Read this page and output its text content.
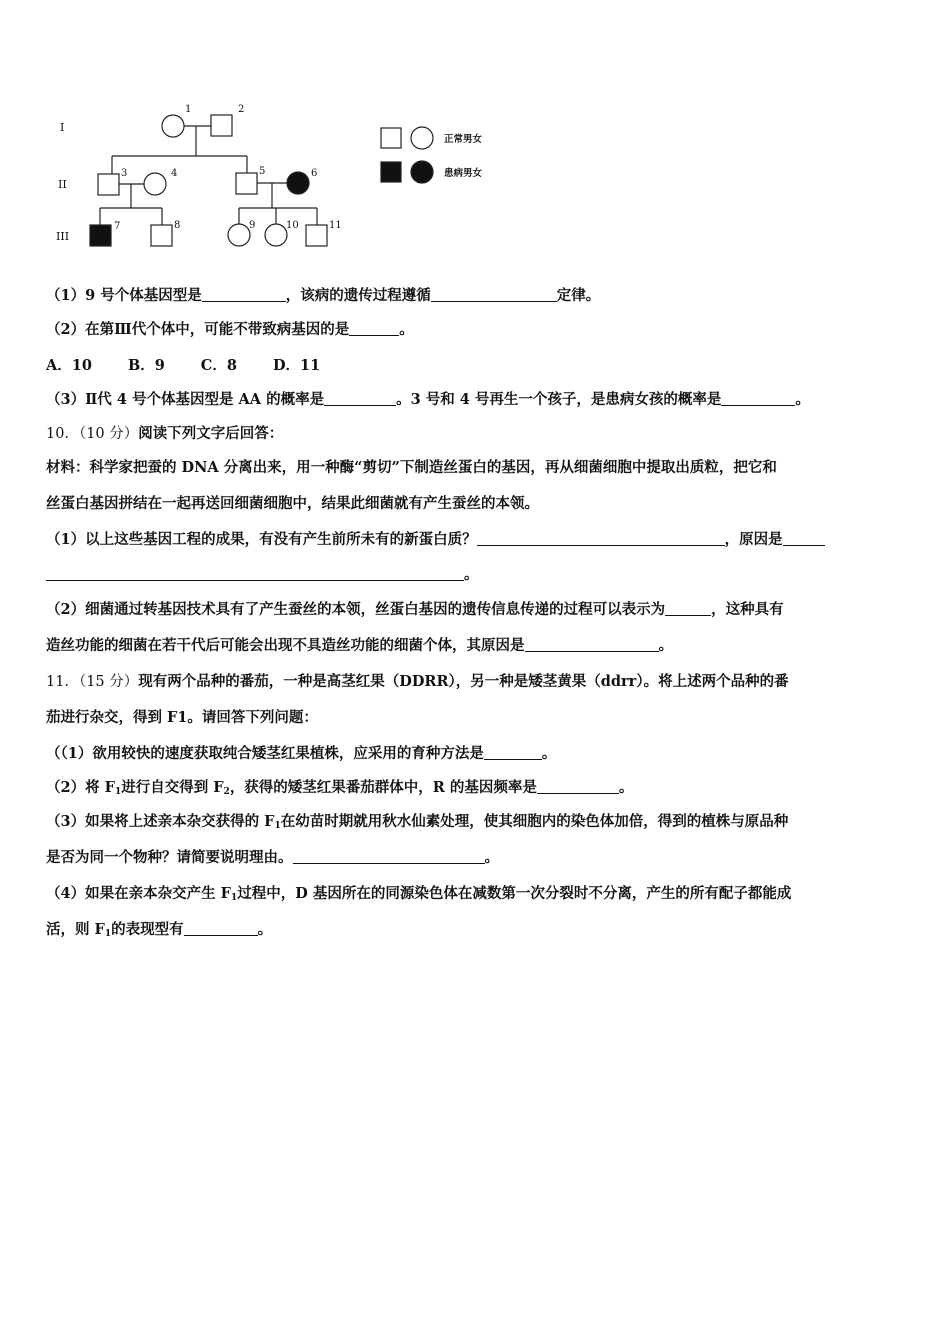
I
II
III
1	2
3	4	5	6
7	8	9	10	11
正常男女
患病男女
（1）9 号个体基因型是	，该病的遗传过程遵循	定律。
（2）在第Ⅲ代个体中，可能不带致病基因的是	。
A．10 B．9 C．8 D．11
（3）Ⅱ代 4 号个体基因型是 AA 的概率是	。3 号和 4 号再生一个孩子，是患病女孩的概率是	。
10．（10 分）阅读下列文字后回答：
材料：科学家把蚕的 DNA 分离出来，用一种酶“剪切”下制造丝蛋白的基因，再从细菌细胞中提取出质粒，把它和
丝蛋白基因拼结在一起再送回细菌细胞中，结果此细菌就有产生蚕丝的本领。
（1）以上这些基因工程的成果，有没有产生前所未有的新蛋白质？	，原因是
。
（2）细菌通过转基因技术具有了产生蚕丝的本领，丝蛋白基因的遗传信息传递的过程可以表示为	，这种具有
造丝功能的细菌在若干代后可能会出现不具造丝功能的细菌个体，其原因是	。
11．（15 分）现有两个品种的番茄，一种是高茎红果（DDRR），另一种是矮茎黄果（ddrr）。将上述两个品种的番
茄进行杂交，得到 F1。请回答下列问题：
（（1）欲用较快的速度获取纯合矮茎红果植株，应采用的育种方法是	。
（2）将 $F_1$进行自交得到 $F_2$，获得的矮茎红果番茄群体中，R 的基因频率是	。
（3）如果将上述亲本杂交获得的 $F_1$在幼苗时期就用秋水仙素处理，使其细胞内的染色体加倍，得到的植株与原品种
是否为同一个物种？请简要说明理由。	。
（4）如果在亲本杂交产生 $F_1$过程中，D 基因所在的同源染色体在减数第一次分裂时不分离，产生的所有配子都能成
活，则 $F_1$的表现型有	。
